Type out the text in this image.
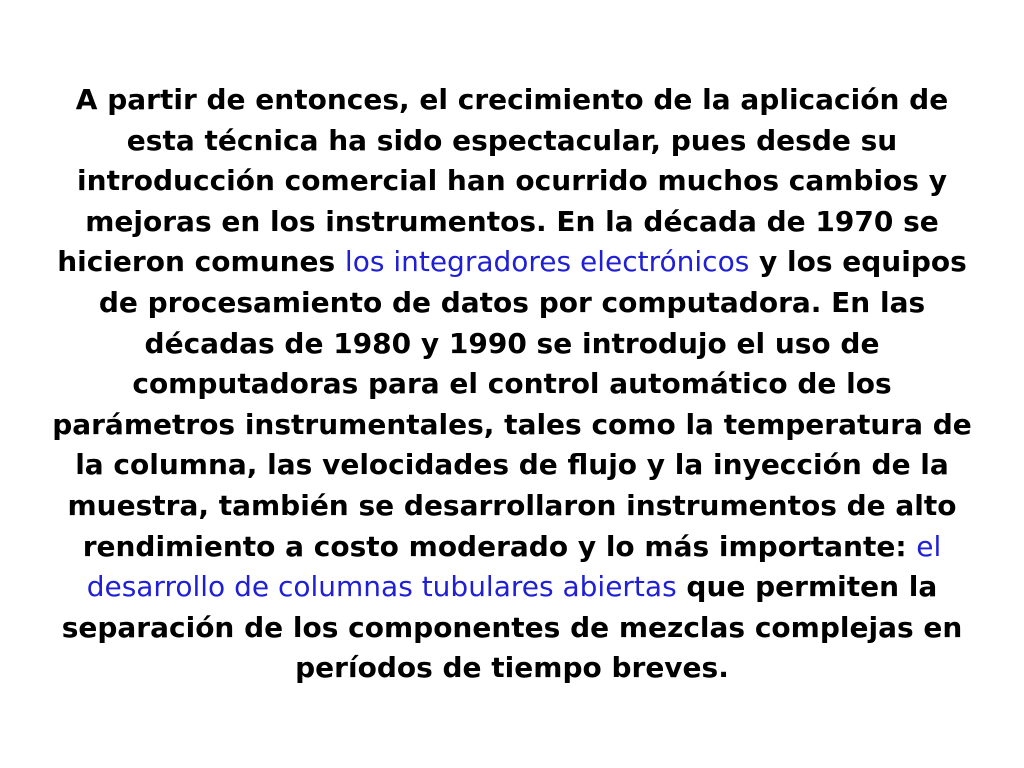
A partir de entonces, el crecimiento de la aplicación de esta técnica ha sido espectacular, pues desde su introducción comercial han ocurrido muchos cambios y mejoras en los instrumentos. En la década de 1970 se hicieron comunes los integradores electrónicos y los equipos de procesamiento de datos por computadora. En las décadas de 1980 y 1990 se introdujo el uso de computadoras para el control automático de los parámetros instrumentales, tales como la temperatura de la columna, las velocidades de flujo y la inyección de la muestra, también se desarrollaron instrumentos de alto rendimiento a costo moderado y lo más importante: el desarrollo de columnas tubulares abiertas que permiten la separación de los componentes de mezclas complejas en períodos de tiempo breves.
